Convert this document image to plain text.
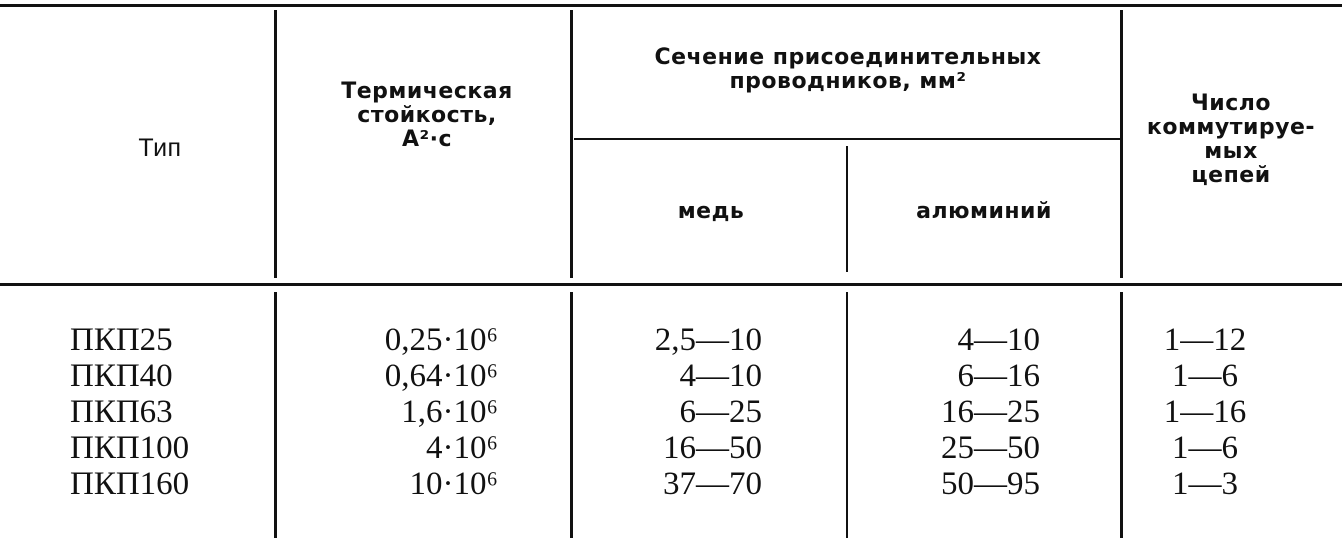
Тип
Термическая
стойкость,
А²·с
Сечение присоединительных
проводников, мм²
медь	алюминий
Число
коммутируе-
мых
цепей
ПКП25
ПКП40
ПКП63
ПКП100
ПКП160
0,25·10⁶
0,64·10⁶
1,6·10⁶
4·10⁶
10·10⁶
2,5—10
4—10
6—25
16—50
37—70
4—10
6—16
16—25
25—50
50—95
1—12
1—6
1—16
1—6
1—3
